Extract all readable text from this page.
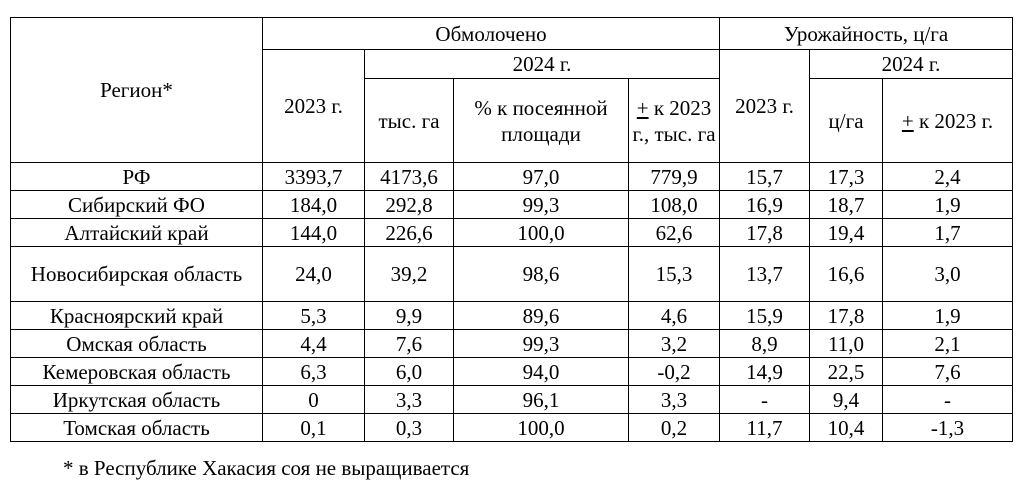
Регион*	Обмолочено				Урожайность, ц/га		
	2023 г.	2024 г.			2023 г.	2024 г.	
		тыс. га	% к посеянной площади	+ к 2023 г., тыс. га		ц/га	+ к 2023 г.
РФ	3393,7	4173,6	97,0	779,9	15,7	17,3	2,4
Сибирский ФО	184,0	292,8	99,3	108,0	16,9	18,7	1,9
Алтайский край	144,0	226,6	100,0	62,6	17,8	19,4	1,7
Новосибирская область	24,0	39,2	98,6	15,3	13,7	16,6	3,0
Красноярский край	5,3	9,9	89,6	4,6	15,9	17,8	1,9
Омская область	4,4	7,6	99,3	3,2	8,9	11,0	2,1
Кемеровская область	6,3	6,0	94,0	-0,2	14,9	22,5	7,6
Иркутская область	0	3,3	96,1	3,3	-	9,4	-
Томская область	0,1	0,3	100,0	0,2	11,7	10,4	-1,3
* в Республике Хакасия соя не выращивается
